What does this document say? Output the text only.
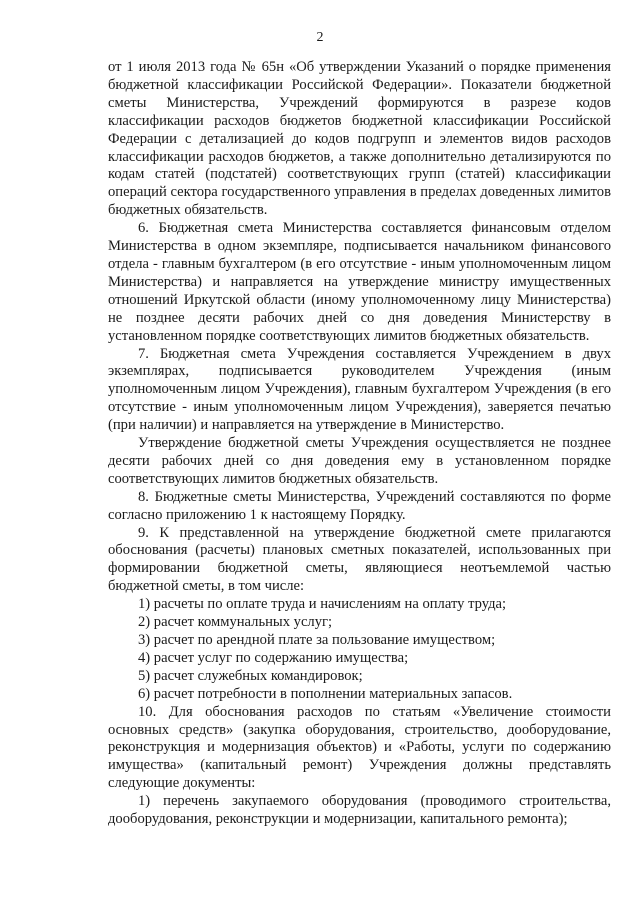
2

от 1 июля 2013 года № 65н «Об утверждении Указаний о порядке применения бюджетной классификации Российской Федерации». Показатели бюджетной сметы Министерства, Учреждений формируются в разрезе кодов классификации расходов бюджетов бюджетной классификации Российской Федерации с детализацией до кодов подгрупп и элементов видов расходов классификации расходов бюджетов, а также дополнительно детализируются по кодам статей (подстатей) соответствующих групп (статей) классификации операций сектора государственного управления в пределах доведенных лимитов бюджетных обязательств.

6. Бюджетная смета Министерства составляется финансовым отделом Министерства в одном экземпляре, подписывается начальником финансового отдела - главным бухгалтером (в его отсутствие - иным уполномоченным лицом Министерства) и направляется на утверждение министру имущественных отношений Иркутской области (иному уполномоченному лицу Министерства) не позднее десяти рабочих дней со дня доведения Министерству в установленном порядке соответствующих лимитов бюджетных обязательств.

7. Бюджетная смета Учреждения составляется Учреждением в двух экземплярах, подписывается руководителем Учреждения (иным уполномоченным лицом Учреждения), главным бухгалтером Учреждения (в его отсутствие - иным уполномоченным лицом Учреждения), заверяется печатью (при наличии) и направляется на утверждение в Министерство.

Утверждение бюджетной сметы Учреждения осуществляется не позднее десяти рабочих дней со дня доведения ему в установленном порядке соответствующих лимитов бюджетных обязательств.

8. Бюджетные сметы Министерства, Учреждений составляются по форме согласно приложению 1 к настоящему Порядку.

9. К представленной на утверждение бюджетной смете прилагаются обоснования (расчеты) плановых сметных показателей, использованных при формировании бюджетной сметы, являющиеся неотъемлемой частью бюджетной сметы, в том числе:

1) расчеты по оплате труда и начислениям на оплату труда;

2) расчет коммунальных услуг;

3) расчет по арендной плате за пользование имуществом;

4) расчет услуг по содержанию имущества;

5) расчет служебных командировок;

6) расчет потребности в пополнении материальных запасов.

10. Для обоснования расходов по статьям «Увеличение стоимости основных средств» (закупка оборудования, строительство, дооборудование, реконструкция и модернизация объектов) и «Работы, услуги по содержанию имущества» (капитальный ремонт) Учреждения должны представлять следующие документы:

1) перечень закупаемого оборудования (проводимого строительства, дооборудования, реконструкции и модернизации, капитального ремонта);
